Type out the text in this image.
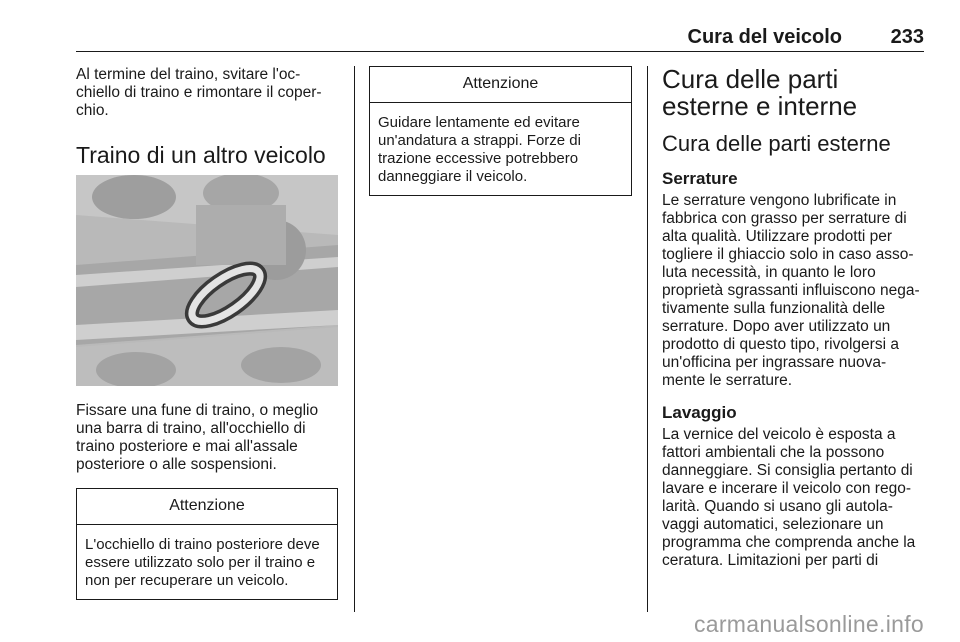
Cura del veicolo 233

Al termine del traino, svitare l'oc-
chiello di traino e rimontare il coper-
chio.

Traino di un altro veicolo

Fissare una fune di traino, o meglio una barra di traino, all'occhiello di traino posteriore e mai all'assale posteriore o alle sospensioni.

Attenzione
L'occhiello di traino posteriore deve essere utilizzato solo per il traino e non per recuperare un veicolo.
Attenzione
Guidare lentamente ed evitare un'andatura a strappi. Forze di trazione eccessive potrebbero danneggiare il veicolo.
Cura delle parti esterne e interne
Cura delle parti esterne
Serrature

Le serrature vengono lubrificate in fabbrica con grasso per serrature di alta qualità. Utilizzare prodotti per togliere il ghiaccio solo in caso asso-luta necessità, in quanto le loro proprietà sgrassanti influiscono nega-tivamente sulla funzionalità delle serrature. Dopo aver utilizzato un prodotto di questo tipo, rivolgersi a un'officina per ingrassare nuova-mente le serrature.

Lavaggio

La vernice del veicolo è esposta a fattori ambientali che la possono danneggiare. Si consiglia pertanto di lavare e incerare il veicolo con rego-larità. Quando si usano gli autola-vaggi automatici, selezionare un programma che comprenda anche la ceratura. Limitazioni per parti di

carmanualsonline.info
